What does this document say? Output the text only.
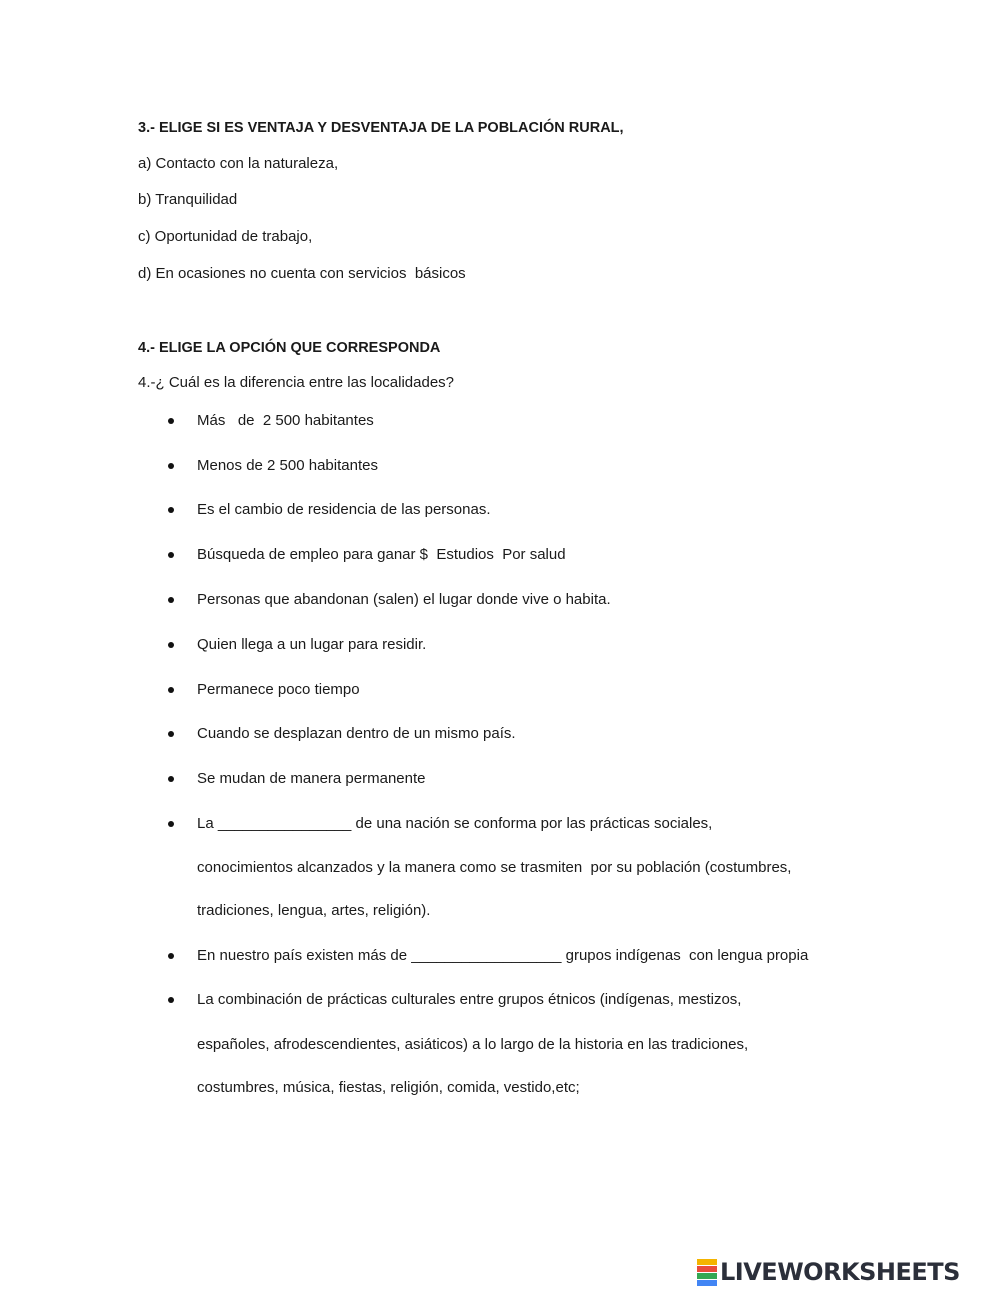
3.- ELIGE SI ES VENTAJA Y DESVENTAJA DE LA POBLACIÓN RURAL,
a) Contacto con la naturaleza,
b) Tranquilidad
c) Oportunidad de trabajo,
d) En ocasiones no cuenta con servicios  básicos
4.- ELIGE LA OPCIÓN QUE CORRESPONDA
4.-¿ Cuál es la diferencia entre las localidades?

Más   de  2 500 habitantes

Menos de 2 500 habitantes

Es el cambio de residencia de las personas.

Búsqueda de empleo para ganar $  Estudios  Por salud

Personas que abandonan (salen) el lugar donde vive o habita.

Quien llega a un lugar para residir.

Permanece poco tiempo

Cuando se desplazan dentro de un mismo país.

Se mudan de manera permanente

La ________________ de una nación se conforma por las prácticas sociales,

conocimientos alcanzados y la manera como se trasmiten  por su población (costumbres,
tradiciones, lengua, artes, religión).

En nuestro país existen más de __________________ grupos indígenas  con lengua propia

La combinación de prácticas culturales entre grupos étnicos (indígenas, mestizos,

españoles, afrodescendientes, asiáticos) a lo largo de la historia en las tradiciones,
costumbres, música, fiestas, religión, comida, vestido,etc;
LIVEWORKSHEETS
